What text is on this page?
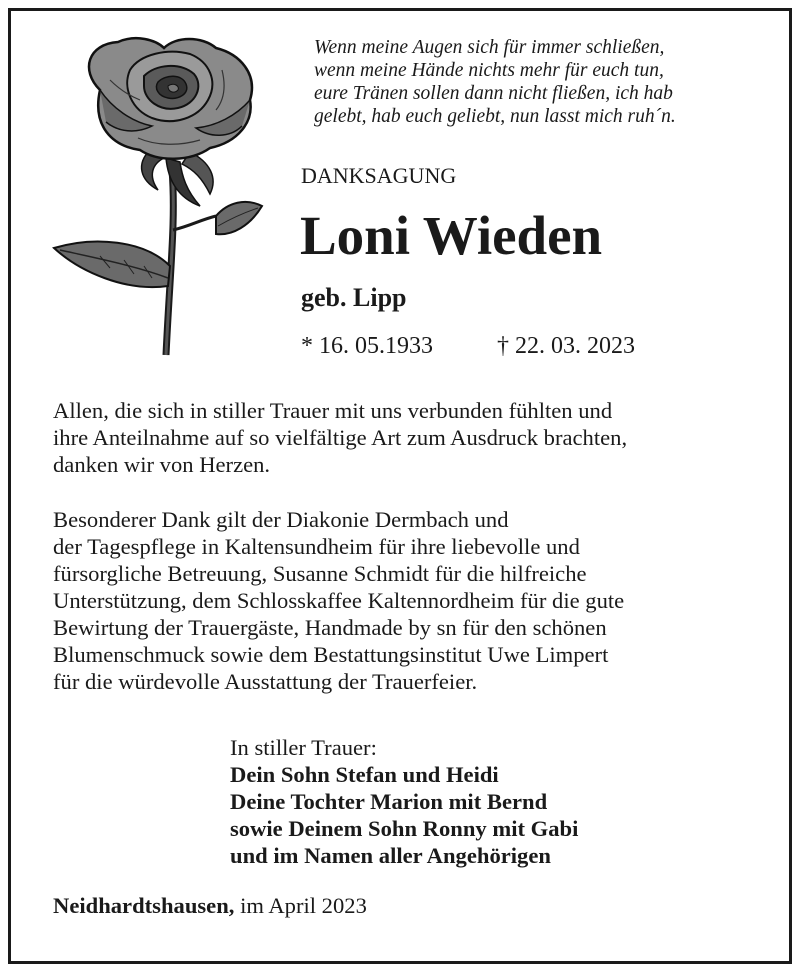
Wenn meine Augen sich für immer schließen,
wenn meine Hände nichts mehr für euch tun,
eure Tränen sollen dann nicht fließen, ich hab
gelebt, hab euch geliebt, nun lasst mich ruh´n.

DANKSAGUNG

Loni Wieden

geb. Lipp

* 16. 05.1933	† 22. 03. 2023

Allen, die sich in stiller Trauer mit uns verbunden fühlten und
ihre Anteilnahme auf so vielfältige Art zum Ausdruck brachten,
danken wir von Herzen.

Besonderer Dank gilt der Diakonie Dermbach und
der Tagespflege in Kaltensundheim für ihre liebevolle und
fürsorgliche Betreuung, Susanne Schmidt für die hilfreiche
Unterstützung, dem Schlosskaffee Kaltennordheim für die gute
Bewirtung der Trauergäste, Handmade by sn für den schönen
Blumenschmuck sowie dem Bestattungsinstitut Uwe Limpert
für die würdevolle Ausstattung der Trauerfeier.

In stiller Trauer:
Dein Sohn Stefan und Heidi
Deine Tochter Marion mit Bernd
sowie Deinem Sohn Ronny mit Gabi
und im Namen aller Angehörigen

Neidhardtshausen, im April 2023
